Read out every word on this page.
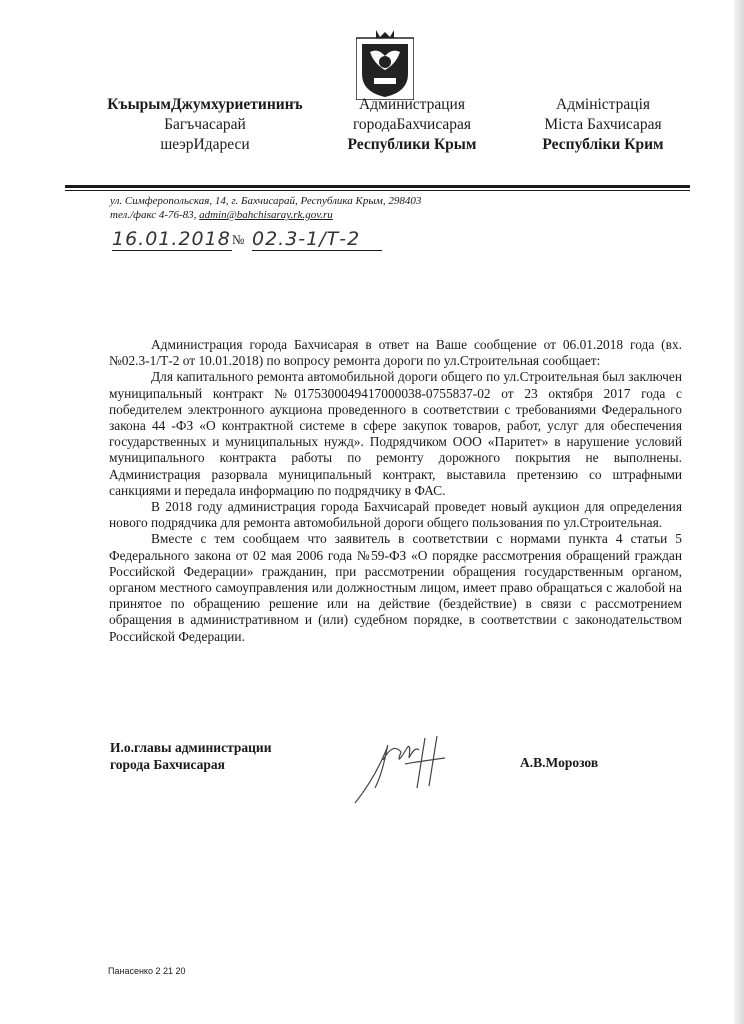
КъырымДжумхуриетининъ
Багъчасарай
шеэрИдареси
Администрация
городаБахчисарая
Республики Крым
Адміністрація
Міста Бахчисарая
Республіки Крим
ул. Симферопольская, 14, г. Бахчисарай, Республика Крым, 298403
тел./факс 4-76-83, admin@bahchisaray.rk.gov.ru
16.01.2018 № 02.3-1/Т-2

Администрация города Бахчисарая в ответ на Ваше сообщение от 06.01.2018 года (вх.№02.3-1/Т-2 от 10.01.2018) по вопросу ремонта дороги по ул.Строительная сообщает:

Для капитального ремонта автомобильной дороги общего по ул.Строительная был заключен муниципальный контракт №0175300049417000038-0755837-02 от 23 октября 2017 года с победителем электронного аукциона проведенного в соответствии с требованиями Федерального закона 44 -ФЗ «О контрактной системе в сфере закупок товаров, работ, услуг для обеспечения государственных и муниципальных нужд». Подрядчиком ООО «Паритет» в нарушение условий муниципального контракта работы по ремонту дорожного покрытия не выполнены. Администрация разорвала муниципальный контракт, выставила претензию со штрафными санкциями и передала информацию по подрядчику в ФАС.

В 2018 году администрация города Бахчисарай проведет новый аукцион для определения нового подрядчика для ремонта автомобильной дороги общего пользования по ул.Строительная.

Вместе с тем сообщаем что заявитель в соответствии с нормами пункта 4 статьи 5 Федерального закона от 02 мая 2006 года №59-ФЗ «О порядке рассмотрения обращений граждан Российской Федерации» гражданин, при рассмотрении обращения государственным органом, органом местного самоуправления или должностным лицом, имеет право обращаться с жалобой на принятое по обращению решение или на действие (бездействие) в связи с рассмотрением обращения в административном и (или) судебном порядке, в соответствии с законодательством Российской Федерации.

И.о.главы администрации
города Бахчисарая	А.В.Морозов
Панасенко 2 21 20
